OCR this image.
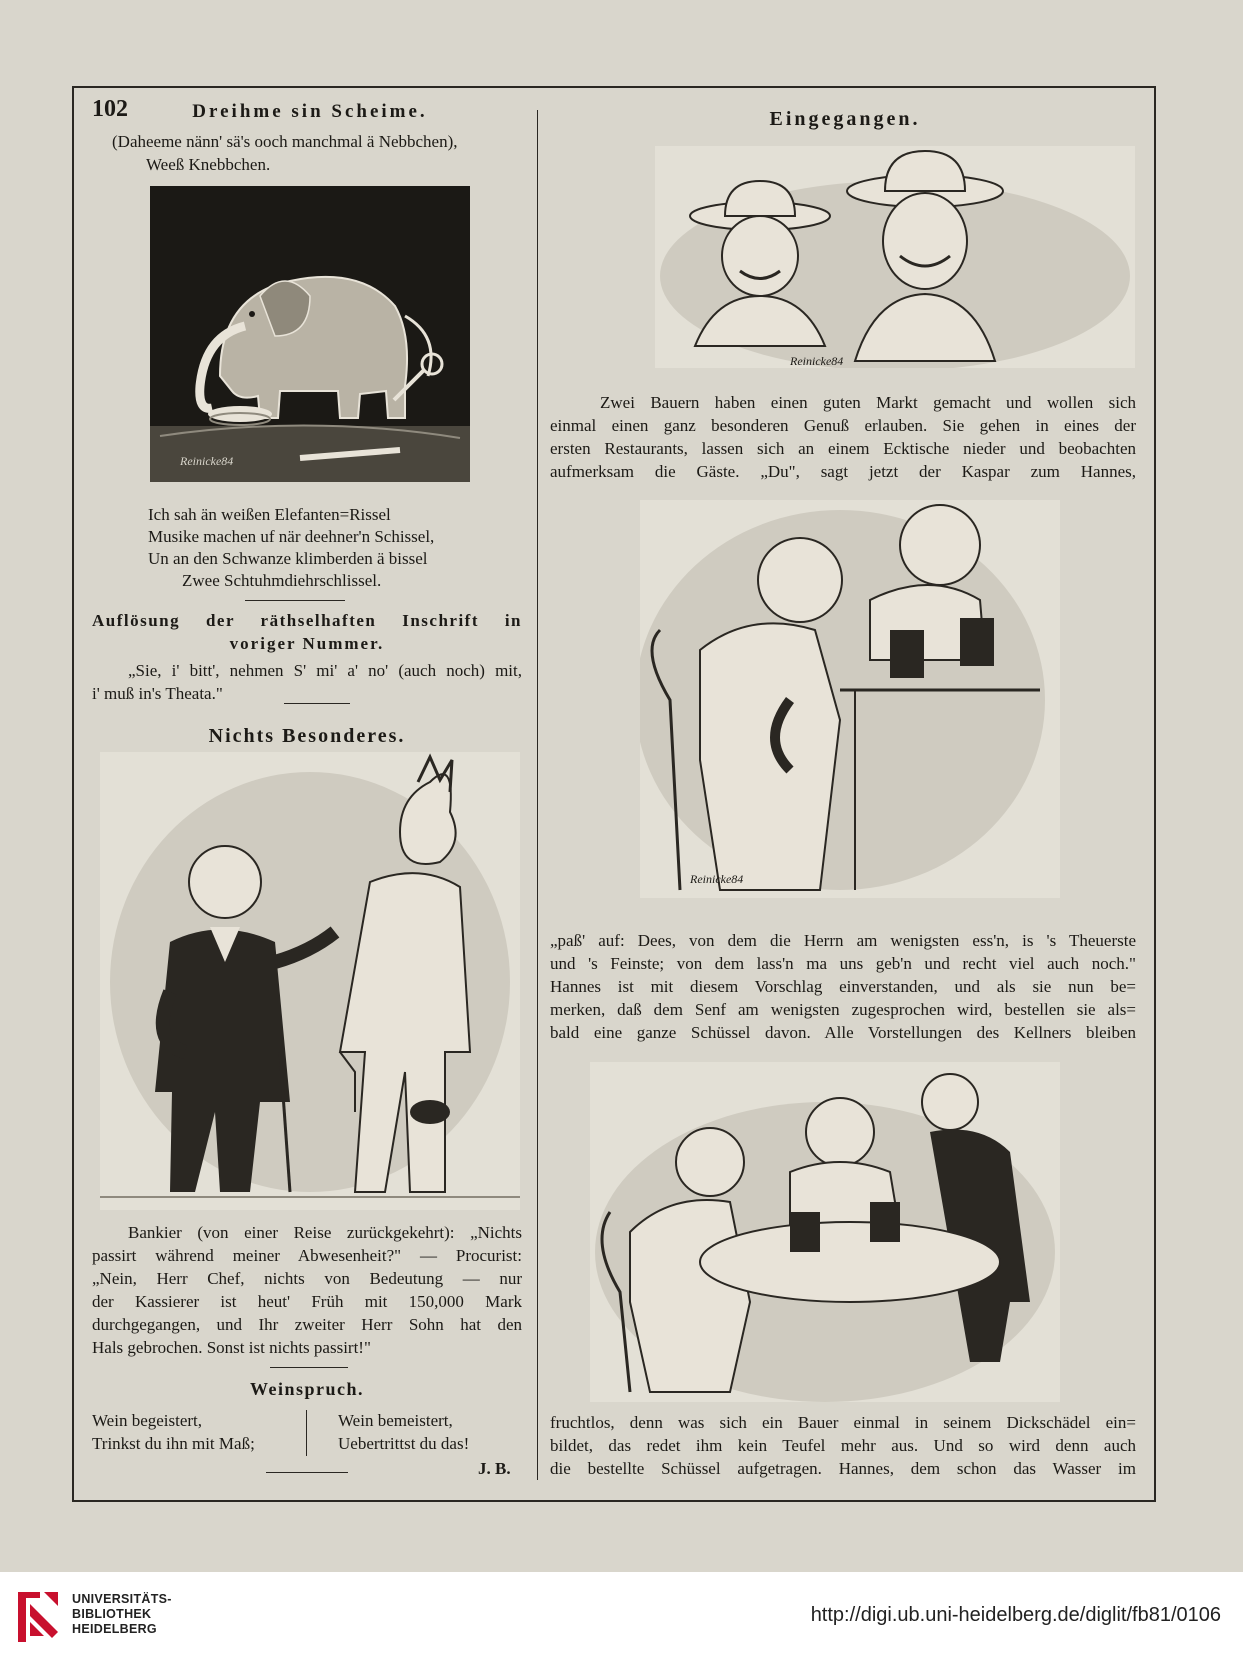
102	Dreihme sin Scheime.
(Daheeme nänn' sä's ooch manchmal ä Nebbchen),
Weeß Knebbchen.
Reinicke84
Ich sah än weißen Elefanten=Rissel
Musike machen uf när deehner'n Schissel,
Un an den Schwanze klimberden ä bissel
Zwee Schtuhmdiehrschlissel.
Auflösung der räthselhaften Inschrift in
voriger Nummer.
„Sie, i' bitt', nehmen S' mi' a' no' (auch noch) mit,
i' muß in's Theata."
Nichts Besonderes.
Bankier (von einer Reise zurückgekehrt): „Nichts
passirt während meiner Abwesenheit?" — Procurist:
„Nein, Herr Chef, nichts von Bedeutung — nur
der Kassierer ist heut' Früh mit 150,000 Mark
durchgegangen, und Ihr zweiter Herr Sohn hat den
Hals gebrochen. Sonst ist nichts passirt!"
Weinspruch.
Wein begeistert,
Trinkst du ihn mit Maß;
Wein bemeistert,
Uebertrittst du das!
J. B.
Eingegangen.
Reinicke84
Zwei Bauern haben einen guten Markt gemacht und wollen sich
einmal einen ganz besonderen Genuß erlauben. Sie gehen in eines der
ersten Restaurants, lassen sich an einem Ecktische nieder und beobachten
aufmerksam die Gäste. „Du", sagt jetzt der Kaspar zum Hannes,
Reinicke84
„paß' auf: Dees, von dem die Herrn am wenigsten ess'n, is 's Theuerste
und 's Feinste; von dem lass'n ma uns geb'n und recht viel auch noch."
Hannes ist mit diesem Vorschlag einverstanden, und als sie nun be=
merken, daß dem Senf am wenigsten zugesprochen wird, bestellen sie als=
bald eine ganze Schüssel davon. Alle Vorstellungen des Kellners bleiben
fruchtlos, denn was sich ein Bauer einmal in seinem Dickschädel ein=
bildet, das redet ihm kein Teufel mehr aus. Und so wird denn auch
die bestellte Schüssel aufgetragen. Hannes, dem schon das Wasser im
UNIVERSITÄTS-
BIBLIOTHEK
HEIDELBERG
http://digi.ub.uni-heidelberg.de/diglit/fb81/0106
